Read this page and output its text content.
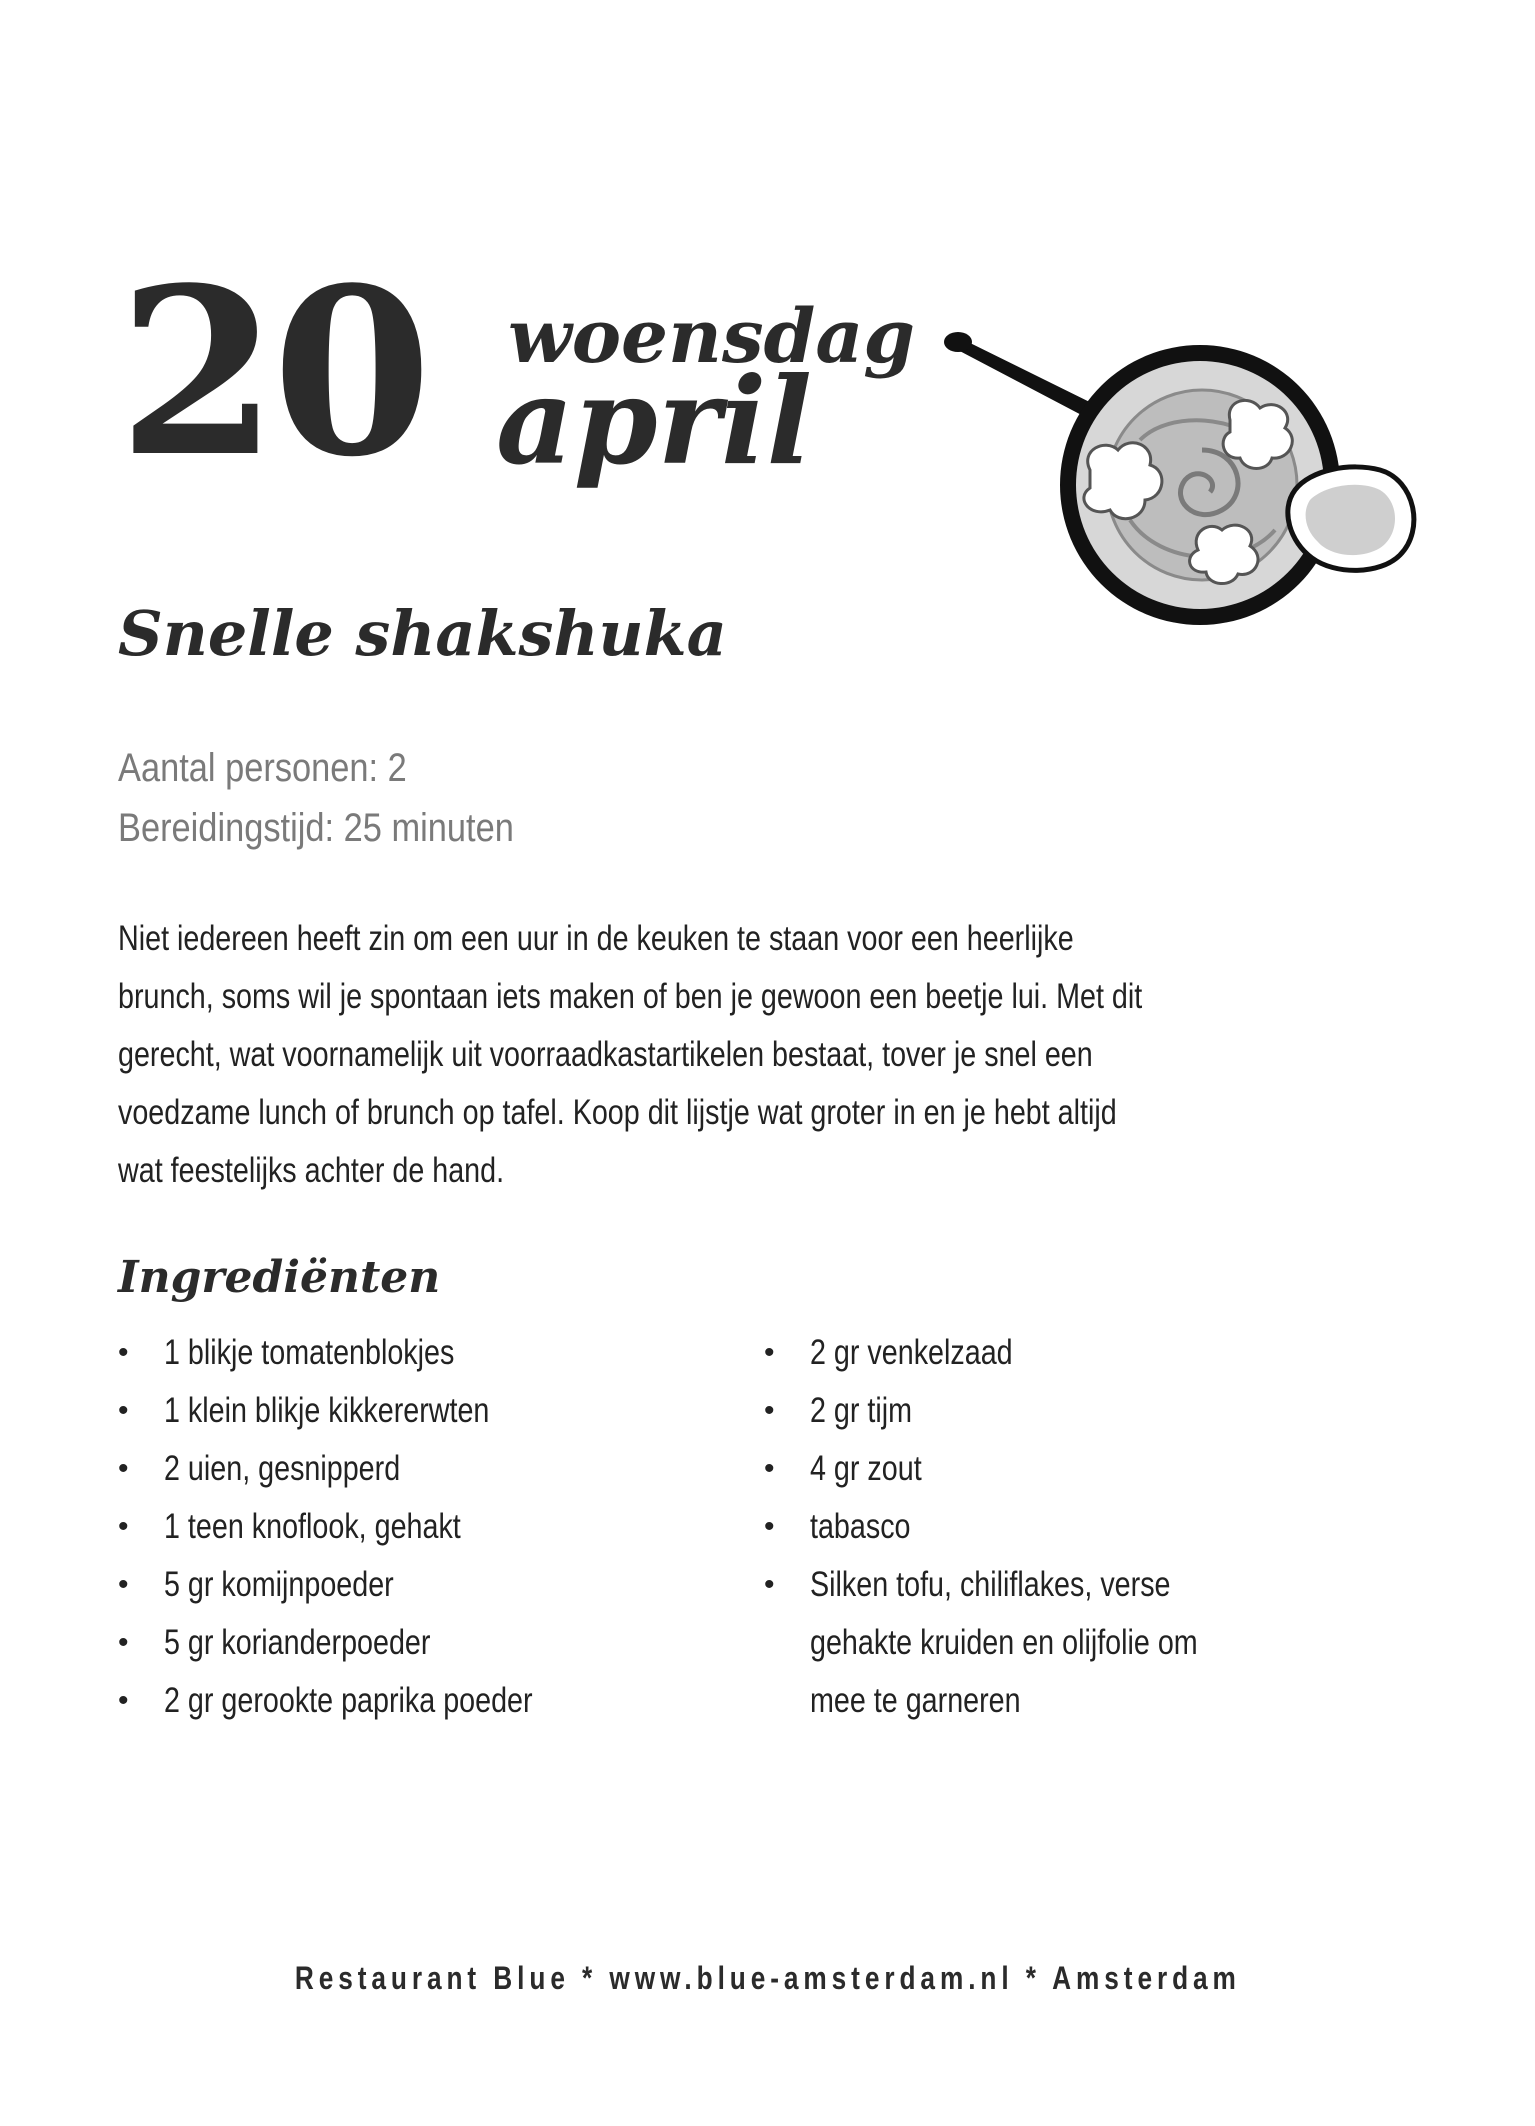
20 woensdag
april
Snelle shakshuka
Aantal personen: 2
Bereidingstijd: 25 minuten
Niet iedereen heeft zin om een uur in de keuken te staan voor een heerlijke
brunch, soms wil je spontaan iets maken of ben je gewoon een beetje lui. Met dit
gerecht, wat voornamelijk uit voorraadkastartikelen bestaat, tover je snel een
voedzame lunch of brunch op tafel. Koop dit lijstje wat groter in en je hebt altijd
wat feestelijks achter de hand.
Ingrediënten
• 1 blikje tomatenblokjes
• 1 klein blikje kikkererwten
• 2 uien, gesnipperd
• 1 teen knoflook, gehakt
• 5 gr komijnpoeder
• 5 gr korianderpoeder
• 2 gr gerookte paprika poeder
• 2 gr venkelzaad
• 2 gr tijm
• 4 gr zout
• tabasco
• Silken tofu, chiliflakes, verse
gehakte kruiden en olijfolie om
mee te garneren
Restaurant Blue * www.blue-amsterdam.nl * Amsterdam
